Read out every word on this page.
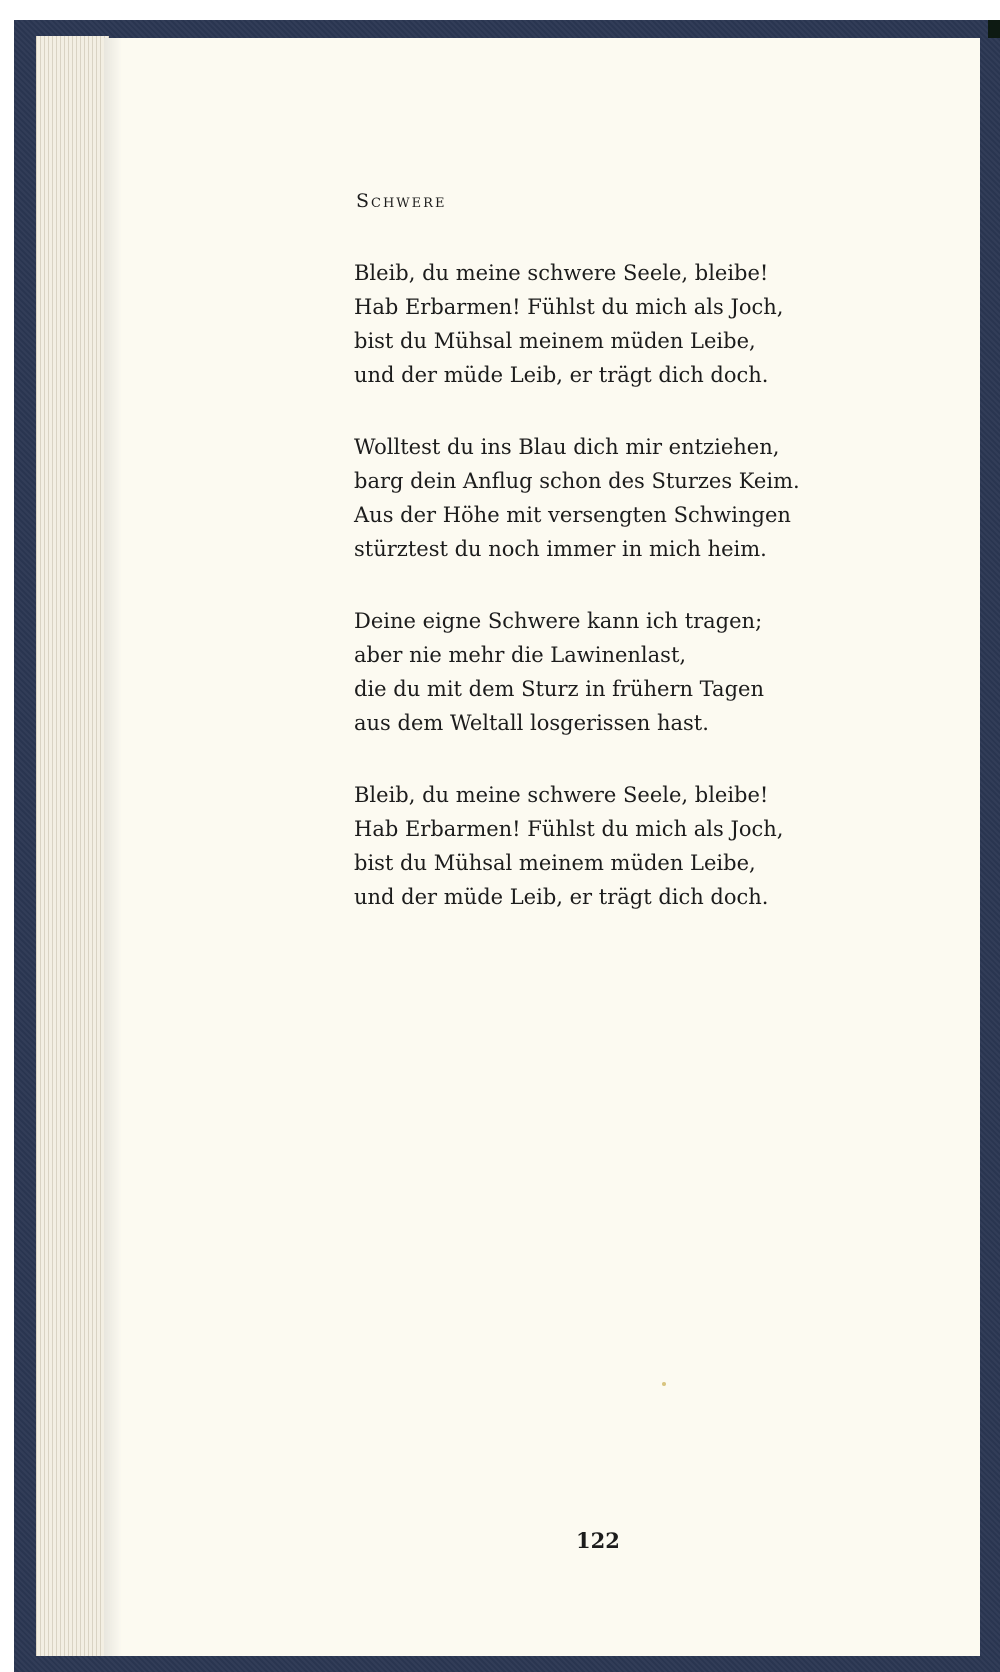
Schwere
Bleib, du meine schwere Seele, bleibe!
Hab Erbarmen! Fühlst du mich als Joch,
bist du Mühsal meinem müden Leibe,
und der müde Leib, er trägt dich doch.
Wolltest du ins Blau dich mir entziehen,
barg dein Anflug schon des Sturzes Keim.
Aus der Höhe mit versengten Schwingen
stürztest du noch immer in mich heim.
Deine eigne Schwere kann ich tragen;
aber nie mehr die Lawinenlast,
die du mit dem Sturz in frühern Tagen
aus dem Weltall losgerissen hast.
Bleib, du meine schwere Seele, bleibe!
Hab Erbarmen! Fühlst du mich als Joch,
bist du Mühsal meinem müden Leibe,
und der müde Leib, er trägt dich doch.
122
